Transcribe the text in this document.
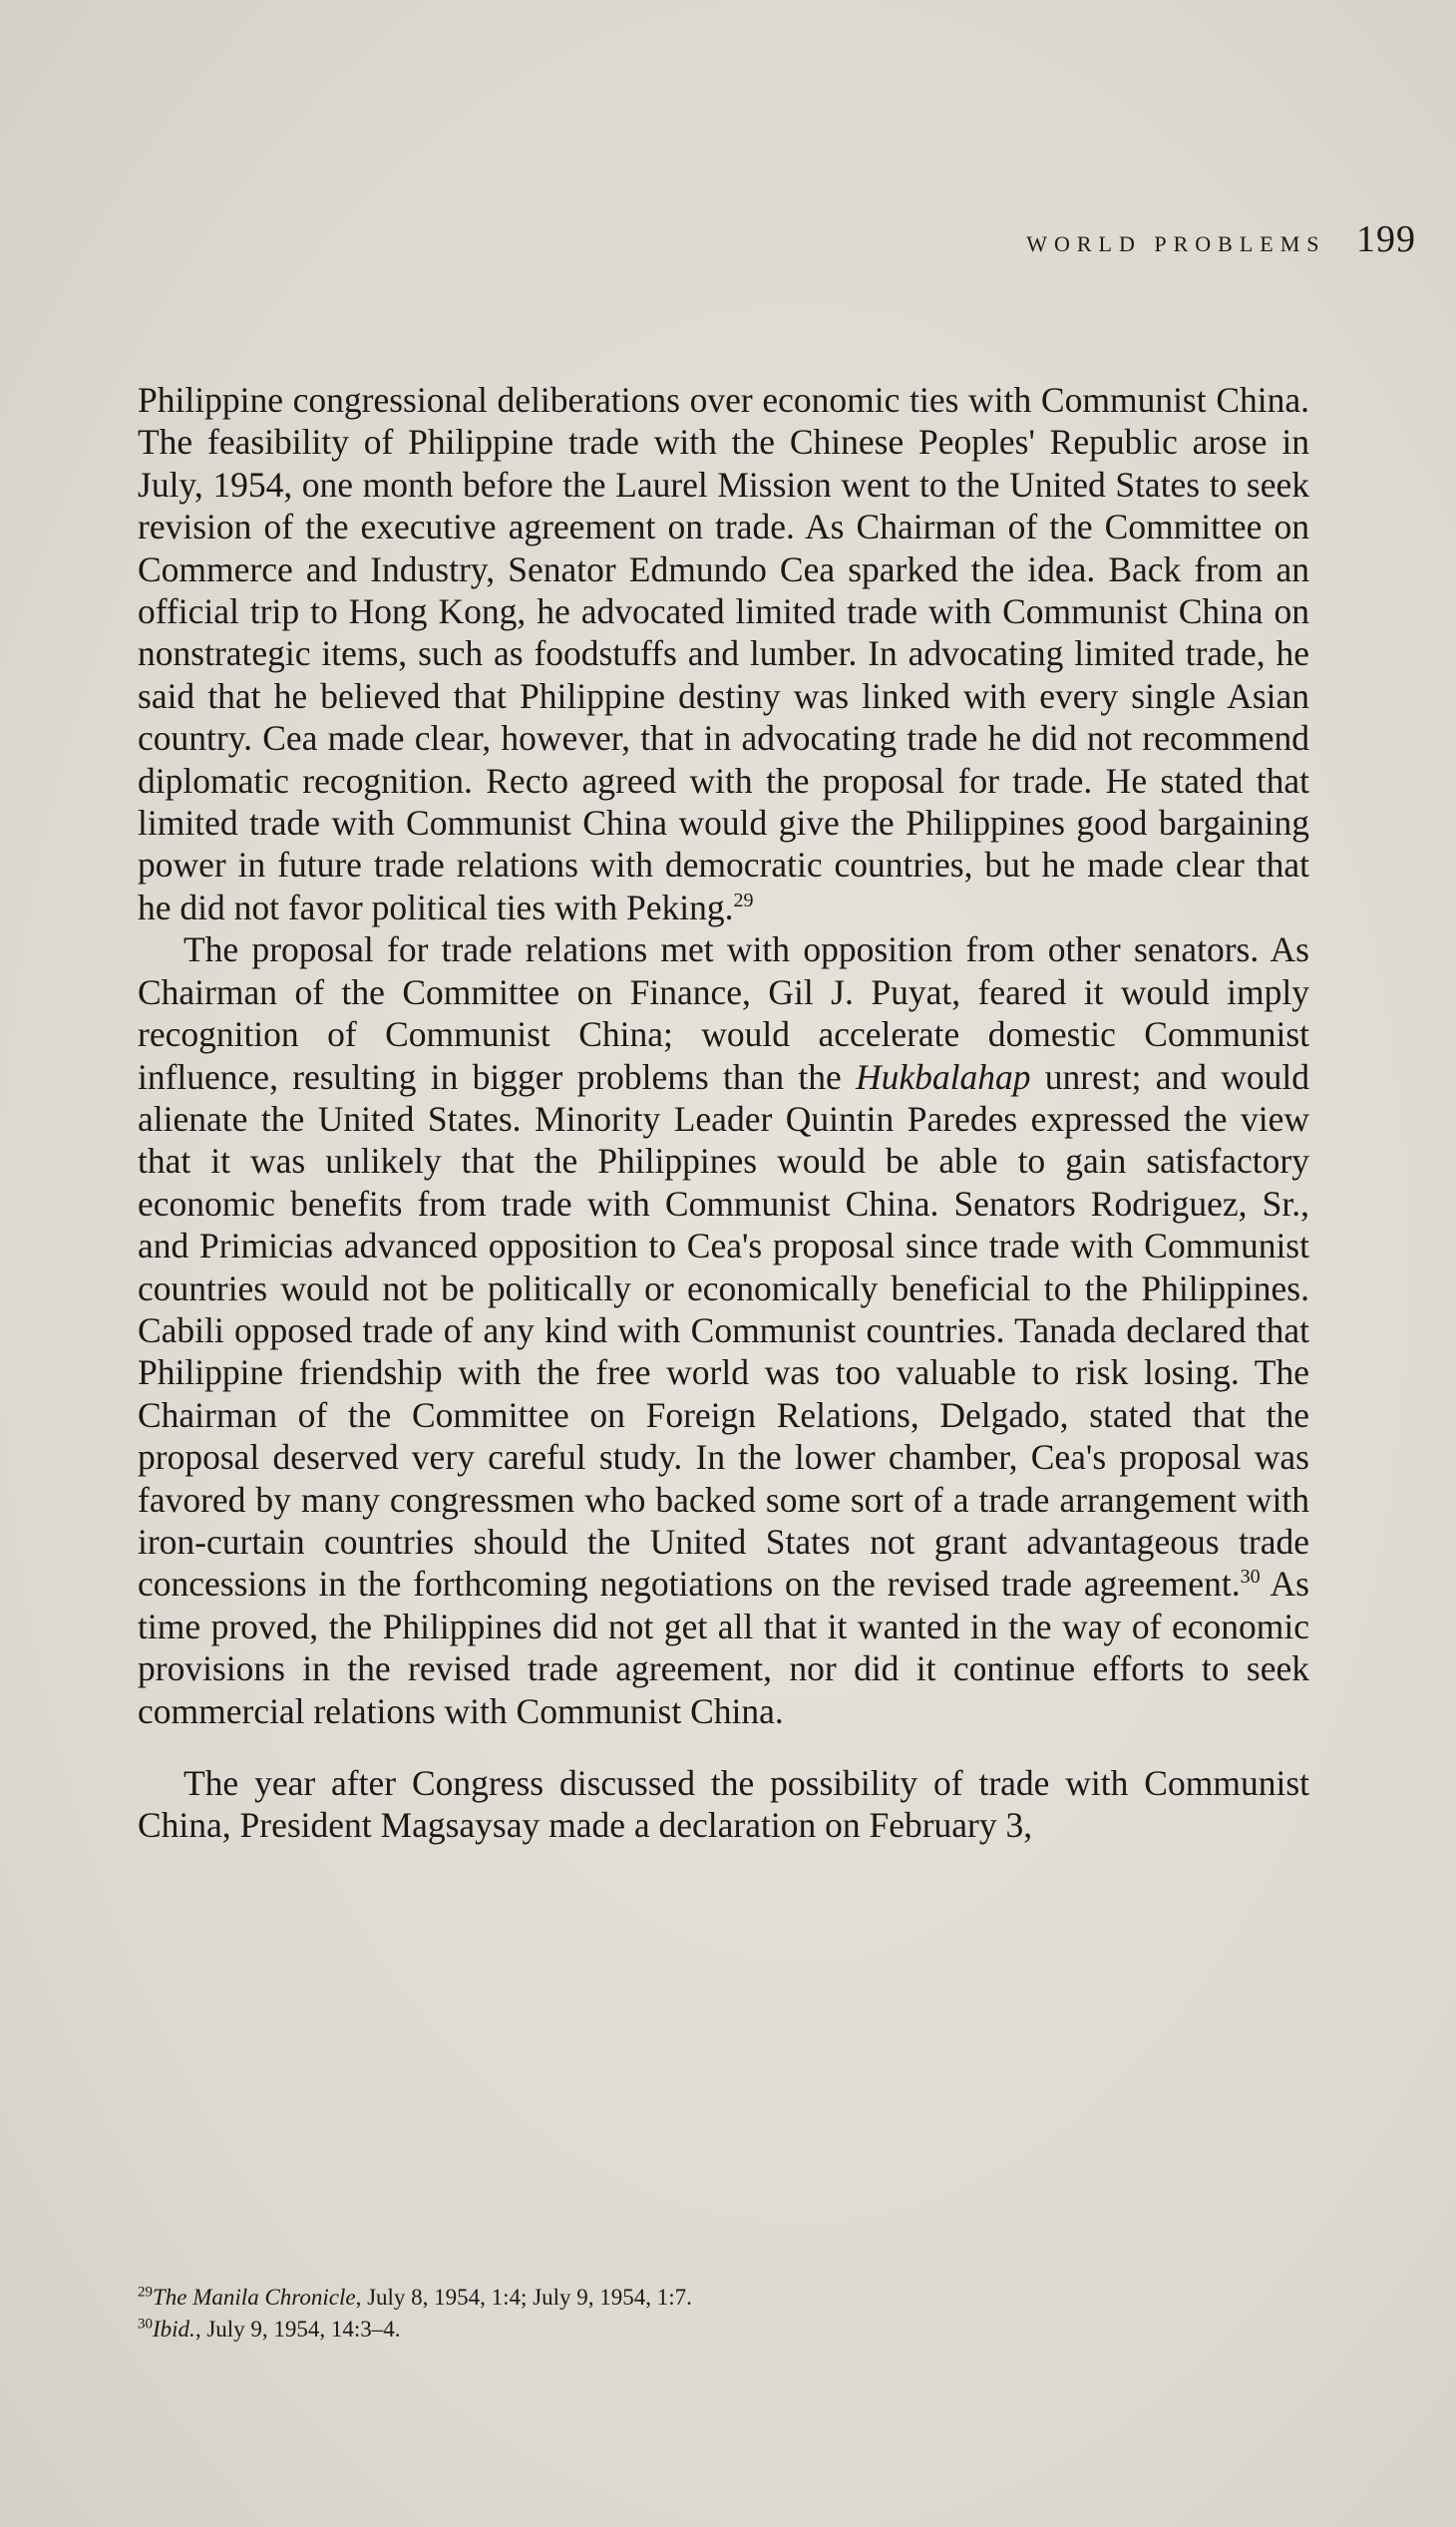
WORLD PROBLEMS 199

Philippine congressional deliberations over economic ties with Communist China. The feasibility of Philippine trade with the Chinese Peoples' Republic arose in July, 1954, one month before the Laurel Mission went to the United States to seek revision of the executive agreement on trade. As Chairman of the Committee on Commerce and Industry, Senator Edmundo Cea sparked the idea. Back from an official trip to Hong Kong, he advocated limited trade with Communist China on nonstrategic items, such as foodstuffs and lumber. In advocating limited trade, he said that he believed that Philippine destiny was linked with every single Asian country. Cea made clear, however, that in advocating trade he did not recommend diplomatic recognition. Recto agreed with the proposal for trade. He stated that limited trade with Communist China would give the Philippines good bargaining power in future trade relations with democratic countries, but he made clear that he did not favor political ties with Peking.$^{29}$

The proposal for trade relations met with opposition from other senators. As Chairman of the Committee on Finance, Gil J. Puyat, feared it would imply recognition of Communist China; would accelerate domestic Communist influence, resulting in bigger problems than the Hukbalahap unrest; and would alienate the United States. Minority Leader Quintin Paredes expressed the view that it was unlikely that the Philippines would be able to gain satisfactory economic benefits from trade with Communist China. Senators Rodriguez, Sr., and Primicias advanced opposition to Cea's proposal since trade with Communist countries would not be politically or economically beneficial to the Philippines. Cabili opposed trade of any kind with Communist countries. Tanada declared that Philippine friendship with the free world was too valuable to risk losing. The Chairman of the Committee on Foreign Relations, Delgado, stated that the proposal deserved very careful study. In the lower chamber, Cea's proposal was favored by many congressmen who backed some sort of a trade arrangement with iron-curtain countries should the United States not grant advantageous trade concessions in the forthcoming negotiations on the revised trade agreement.$^{30}$ As time proved, the Philippines did not get all that it wanted in the way of economic provisions in the revised trade agreement, nor did it continue efforts to seek commercial relations with Communist China.

The year after Congress discussed the possibility of trade with Communist China, President Magsaysay made a declaration on February 3,

$^{29}$The Manila Chronicle, July 8, 1954, 1:4; July 9, 1954, 1:7.

$^{30}$Ibid., July 9, 1954, 14:3–4.
